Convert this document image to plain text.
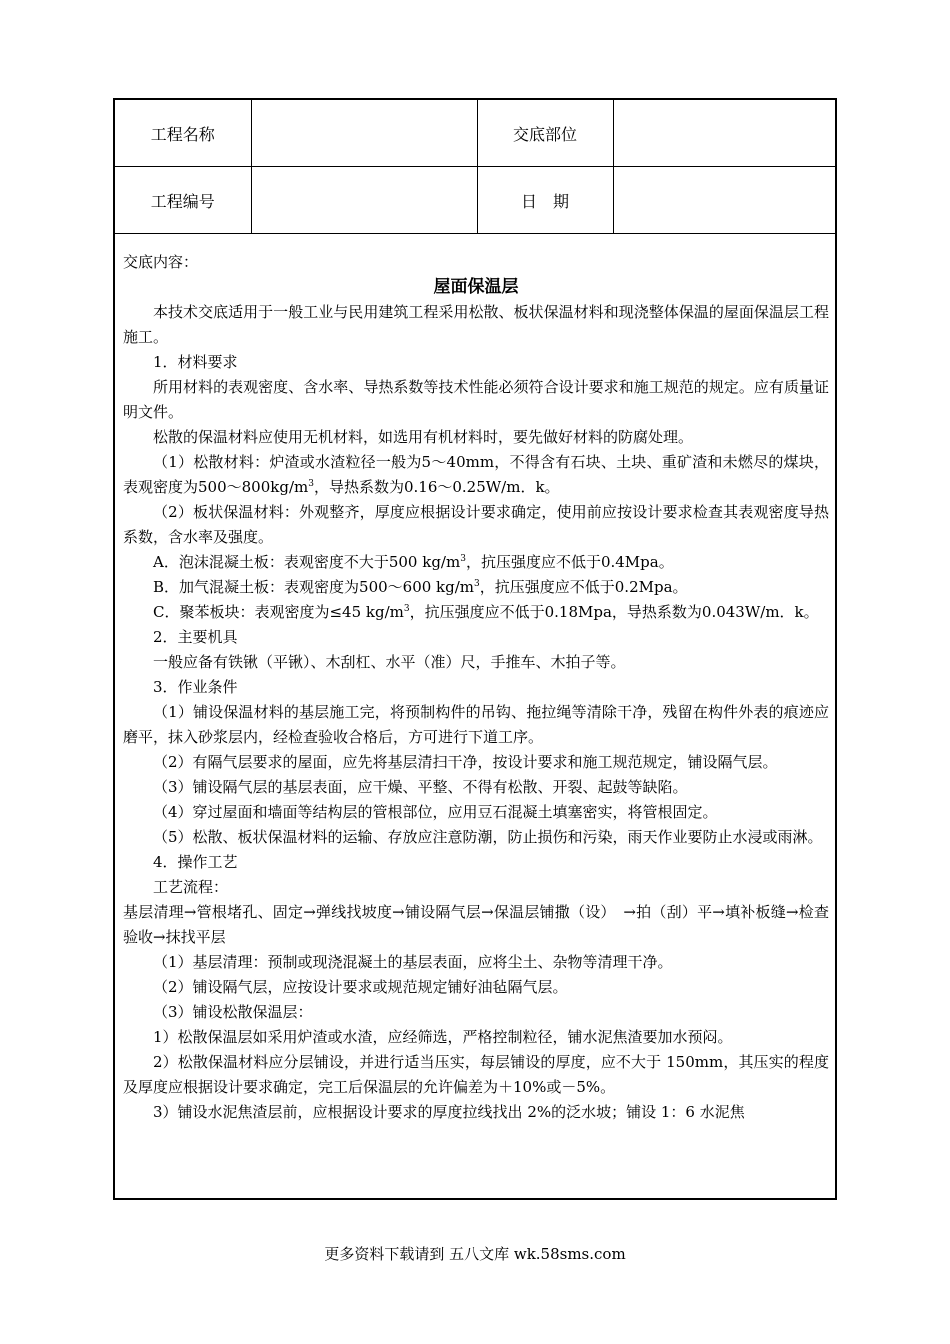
工程名称		交底部位	
工程编号		日　期	

交底内容：

屋面保温层

本技术交底适用于一般工业与民用建筑工程采用松散、板状保温材料和现浇整体保温的屋面保温层工程施工。

1．材料要求

所用材料的表观密度、含水率、导热系数等技术性能必须符合设计要求和施工规范的规定。应有质量证明文件。

松散的保温材料应使用无机材料，如选用有机材料时，要先做好材料的防腐处理。

（1）松散材料：炉渣或水渣粒径一般为5～40mm，不得含有石块、土块、重矿渣和未燃尽的煤块，表观密度为$500\sim 800kg/m^3$，导热系数为0.16～0.25W/m．k。

（2）板状保温材料：外观整齐，厚度应根据设计要求确定，使用前应按设计要求检查其表观密度导热系数，含水率及强度。

A．泡沫混凝土板：表观密度不大于500 $kg/m^3$，抗压强度应不低于0.4Mpa。

B．加气混凝土板：表观密度为500～600 $kg/m^3$，抗压强度应不低于0.2Mpa。

C．聚苯板块：表观密度为≤45 $kg/m^3$，抗压强度应不低于0.18Mpa，导热系数为0.043W/m．k。

2．主要机具

一般应备有铁锹（平锹）、木刮杠、水平（准）尺，手推车、木拍子等。

3．作业条件

（1）铺设保温材料的基层施工完，将预制构件的吊钩、拖拉绳等清除干净，残留在构件外表的痕迹应磨平，抹入砂浆层内，经检查验收合格后，方可进行下道工序。

（2）有隔气层要求的屋面，应先将基层清扫干净，按设计要求和施工规范规定，铺设隔气层。

（3）铺设隔气层的基层表面，应干燥、平整、不得有松散、开裂、起鼓等缺陷。

（4）穿过屋面和墙面等结构层的管根部位，应用豆石混凝土填塞密实，将管根固定。

（5）松散、板状保温材料的运输、存放应注意防潮，防止损伤和污染，雨天作业要防止水浸或雨淋。

4．操作工艺

工艺流程：

基层清理→管根堵孔、固定→弹线找坡度→铺设隔气层→保温层铺撒（设）　→拍（刮）平→填补板缝→检查验收→抹找平层

（1）基层清理：预制或现浇混凝土的基层表面，应将尘土、杂物等清理干净。

（2）铺设隔气层，应按设计要求或规范规定铺好油毡隔气层。

（3）铺设松散保温层：

1）松散保温层如采用炉渣或水渣，应经筛选，严格控制粒径，铺水泥焦渣要加水预闷。

2）松散保温材料应分层铺设，并进行适当压实，每层铺设的厚度，应不大于 150mm，其压实的程度及厚度应根据设计要求确定，完工后保温层的允许偏差为＋10%或－5%。

3）铺设水泥焦渣层前，应根据设计要求的厚度拉线找出 2%的泛水坡；铺设 1：6 水泥焦

更多资料下载请到 五八文库 wk.58sms.com
